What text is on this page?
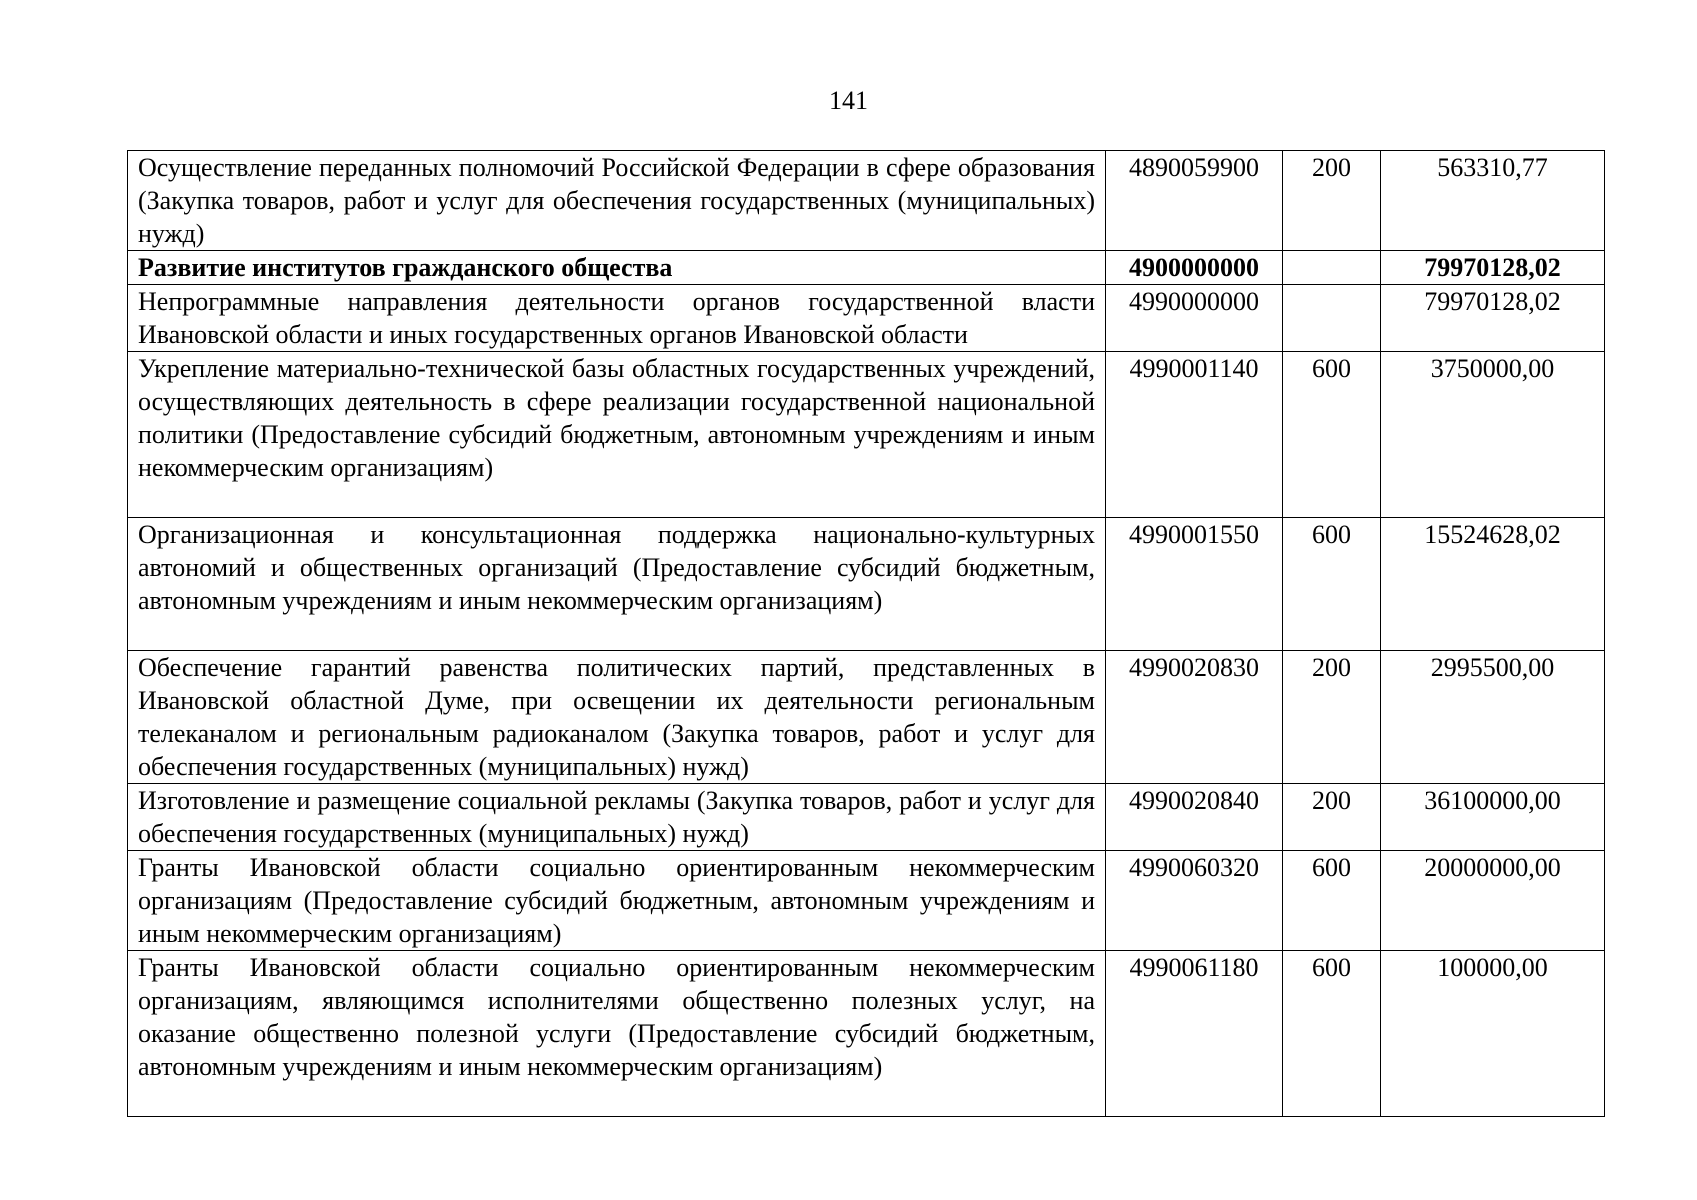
141
Осуществление переданных полномочий Российской Федерации в сфере образования (Закупка товаров, работ и услуг для обеспечения государственных (муниципальных) нужд)	4890059900	200	563310,77
Развитие институтов гражданского общества	4900000000		79970128,02
Непрограммные направления деятельности органов государственной власти Ивановской области и иных государственных органов Ивановской области	4990000000		79970128,02
Укрепление материально-технической базы областных государственных учреждений, осуществляющих деятельность в сфере реализации государственной национальной политики (Предоставление субсидий бюджетным, автономным учреждениям и иным некоммерческим организациям)	4990001140	600	3750000,00
Организационная и консультационная поддержка национально-культурных автономий и общественных организаций (Предоставление субсидий бюджетным, автономным учреждениям и иным некоммерческим организациям)	4990001550	600	15524628,02
Обеспечение гарантий равенства политических партий, представленных в Ивановской областной Думе, при освещении их деятельности региональным телеканалом и региональным радиоканалом (Закупка товаров, работ и услуг для обеспечения государственных (муниципальных) нужд)	4990020830	200	2995500,00
Изготовление и размещение социальной рекламы (Закупка товаров, работ и услуг для обеспечения государственных (муниципальных) нужд)	4990020840	200	36100000,00
Гранты Ивановской области социально ориентированным некоммерческим организациям (Предоставление субсидий бюджетным, автономным учреждениям и иным некоммерческим организациям)	4990060320	600	20000000,00
Гранты Ивановской области социально ориентированным некоммерческим организациям, являющимся исполнителями общественно полезных услуг, на оказание общественно полезной услуги (Предоставление субсидий бюджетным, автономным учреждениям и иным некоммерческим организациям)	4990061180	600	100000,00
